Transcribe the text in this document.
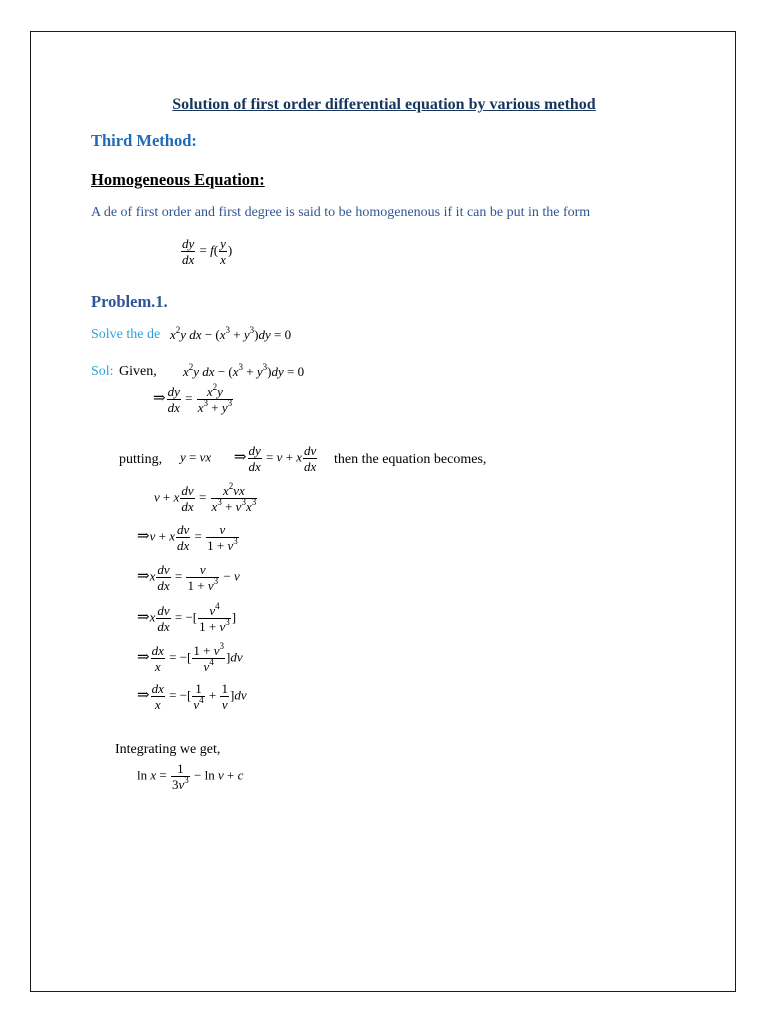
Solution of first order differential equation by various method
Third Method:
Homogeneous Equation:
A de of first order and first degree is said to be homogenenous if it can be put in the form
$\frac{dy}{dx} = f( \frac{y}{x}$ )
Problem.1.
Solve the de $x^2y$ dx − $(x^3 + y^3)dy = 0$
Sol: Given, $x^2y$ dx − $(x^3 + y^3)dy = 0$
⇒ $\frac{dy}{dx} = \frac{x^2y}{x^3 + y^3}$
putting, y = vx ⇒ $\frac{dy}{dx} = v + x \frac{dv}{dx}$ then the equation becomes,
v + x $\frac{dv}{dx} = \frac{x^2vx}{x^3 + v^3x^3}$
⇒v + x $\frac{dv}{dx} = \frac{v}{1 + v^3}$
⇒x $\frac{dv}{dx} = \frac{v}{1 + v^3} - v$
⇒x $\frac{dv}{dx}$ = −[ $\frac{v^4}{1 + v^3}$ ]
⇒ $\frac{dx}{x}$ = −[ $\frac{1 + v^3}{v^4} ]dv$
⇒ $\frac{dx}{x}$ = −[ $\frac{1}{v^4} + \frac{1}{v} ]dv$
Integrating we get,
$\ln x = \frac{1}{3v^3} - \ln v + c$
